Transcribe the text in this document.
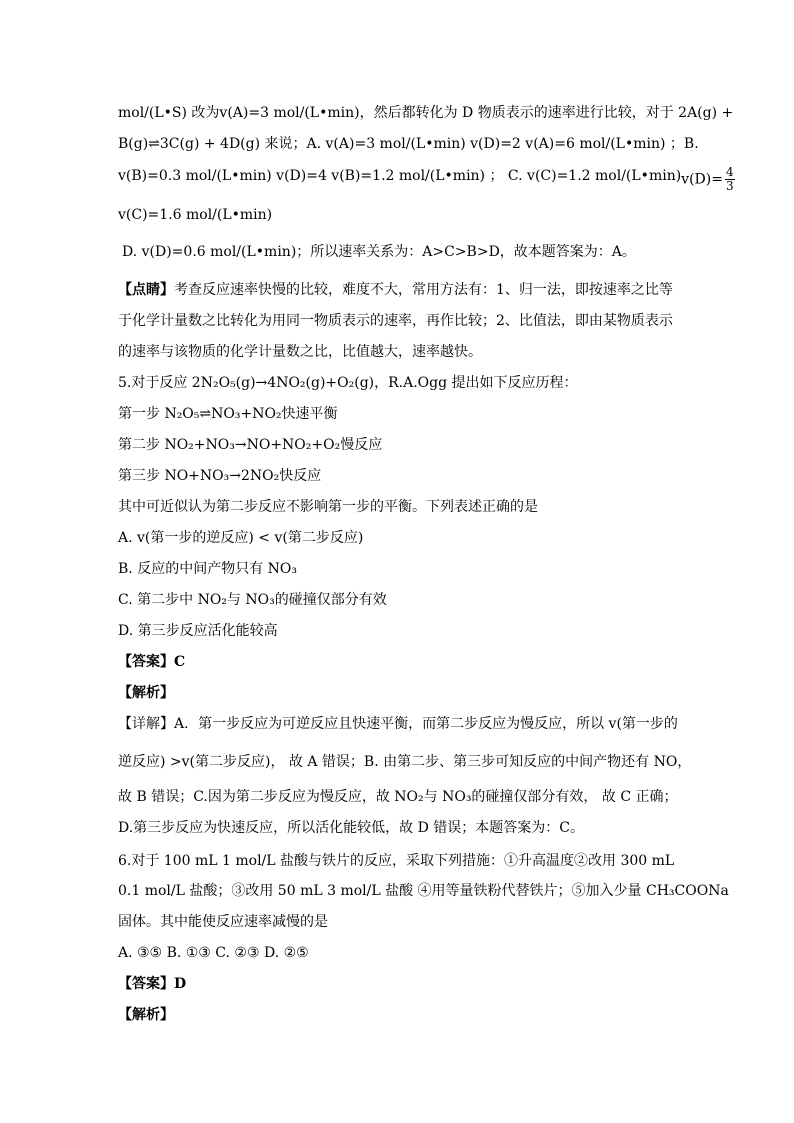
mol/(L•S) 改为v(A)=3 mol/(L•min)，然后都转化为 D 物质表示的速率进行比较，对于 2A(g) +
B(g)⇌3C(g) + 4D(g) 来说；A. v(A)=3 mol/(L•min) v(D)=2 v(A)=6 mol/(L•min) ； B.
v(B)=0.3 mol/(L•min) v(D)=4 v(B)=1.2 mol/(L•min) ； C. v(C)=1.2 mol/(L•min) $v(D)= \frac{4}{3}$
v(C)=1.6 mol/(L•min)
D. v(D)=0.6 mol/(L•min)；所以速率关系为：A>C>B>D，故本题答案为：A。
【点睛】考查反应速率快慢的比较，难度不大，常用方法有：1、归一法，即按速率之比等
于化学计量数之比转化为用同一物质表示的速率，再作比较；2、比值法，即由某物质表示
的速率与该物质的化学计量数之比，比值越大，速率越快。
5.对于反应 2N₂O₅(g)→4NO₂(g)+O₂(g)，R.A.Ogg 提出如下反应历程：
第一步 N₂O₅⇌NO₃+NO₂快速平衡
第二步 NO₂+NO₃→NO+NO₂+O₂慢反应
第三步 NO+NO₃→2NO₂快反应
其中可近似认为第二步反应不影响第一步的平衡。下列表述正确的是
A. v(第一步的逆反应) < v(第二步反应)
B. 反应的中间产物只有 NO₃
C. 第二步中 NO₂与 NO₃的碰撞仅部分有效
D. 第三步反应活化能较高
【答案】C
【解析】
【详解】A．第一步反应为可逆反应且快速平衡，而第二步反应为慢反应，所以 v(第一步的
逆反应) >v(第二步反应)， 故 A 错误；B. 由第二步、第三步可知反应的中间产物还有 NO，
故 B 错误；C.因为第二步反应为慢反应，故 NO₂与 NO₃的碰撞仅部分有效， 故 C 正确；
D.第三步反应为快速反应，所以活化能较低，故 D 错误；本题答案为：C。
6.对于 100 mL 1 mol/L 盐酸与铁片的反应，采取下列措施：①升高温度②改用 300 mL
0.1 mol/L 盐酸；③改用 50 mL 3 mol/L 盐酸 ④用等量铁粉代替铁片；⑤加入少量 CH₃COONa
固体。其中能使反应速率减慢的是
A. ③⑤ B. ①③ C. ②③ D. ②⑤
【答案】D
【解析】
